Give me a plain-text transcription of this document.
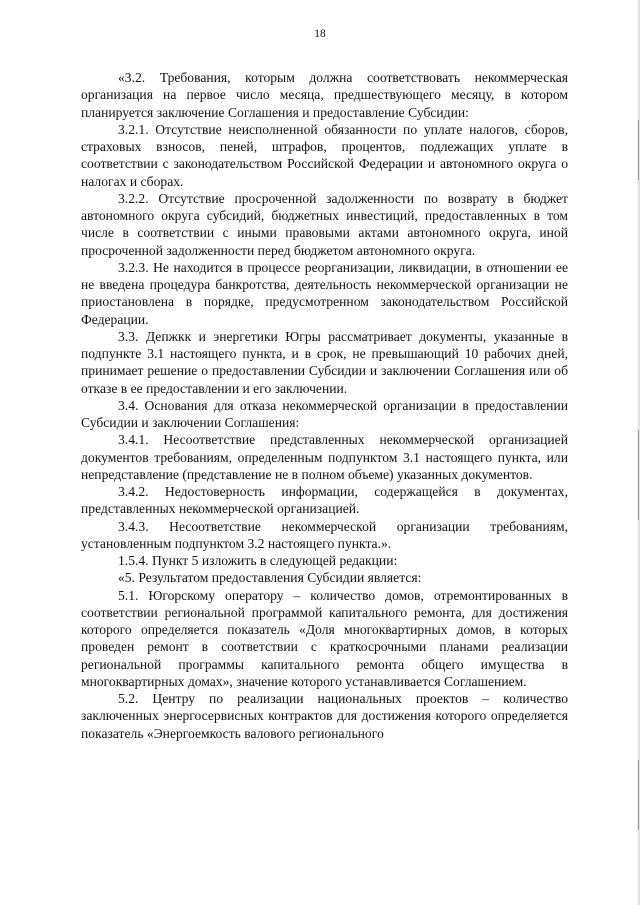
18

«3.2. Требования, которым должна соответствовать некоммерческая организация на первое число месяца, предшествующего месяцу, в котором планируется заключение Соглашения и предоставление Субсидии:

3.2.1. Отсутствие неисполненной обязанности по уплате налогов, сборов, страховых взносов, пеней, штрафов, процентов, подлежащих уплате в соответствии с законодательством Российской Федерации и автономного округа о налогах и сборах.

3.2.2. Отсутствие просроченной задолженности по возврату в бюджет автономного округа субсидий, бюджетных инвестиций, предоставленных в том числе в соответствии с иными правовыми актами автономного округа, иной просроченной задолженности перед бюджетом автономного округа.

3.2.3. Не находится в процессе реорганизации, ликвидации, в отношении ее не введена процедура банкротства, деятельность некоммерческой организации не приостановлена в порядке, предусмотренном законодательством Российской Федерации.

3.3. Депжкк и энергетики Югры рассматривает документы, указанные в подпункте 3.1 настоящего пункта, и в срок, не превышающий 10 рабочих дней, принимает решение о предоставлении Субсидии и заключении Соглашения или об отказе в ее предоставлении и его заключении.

3.4. Основания для отказа некоммерческой организации в предоставлении Субсидии и заключении Соглашения:

3.4.1. Несоответствие представленных некоммерческой организацией документов требованиям, определенным подпунктом 3.1 настоящего пункта, или непредставление (представление не в полном объеме) указанных документов.

3.4.2. Недостоверность информации, содержащейся в документах, представленных некоммерческой организацией.

3.4.3. Несоответствие некоммерческой организации требованиям, установленным подпунктом 3.2 настоящего пункта.».

1.5.4. Пункт 5 изложить в следующей редакции:

«5. Результатом предоставления Субсидии является:

5.1. Югорскому оператору – количество домов, отремонтированных в соответствии региональной программой капитального ремонта, для достижения которого определяется показатель «Доля многоквартирных домов, в которых проведен ремонт в соответствии с краткосрочными планами реализации региональной программы капитального ремонта общего имущества в многоквартирных домах», значение которого устанавливается Соглашением.

5.2. Центру по реализации национальных проектов – количество заключенных энергосервисных контрактов для достижения которого определяется показатель «Энергоемкость валового регионального
